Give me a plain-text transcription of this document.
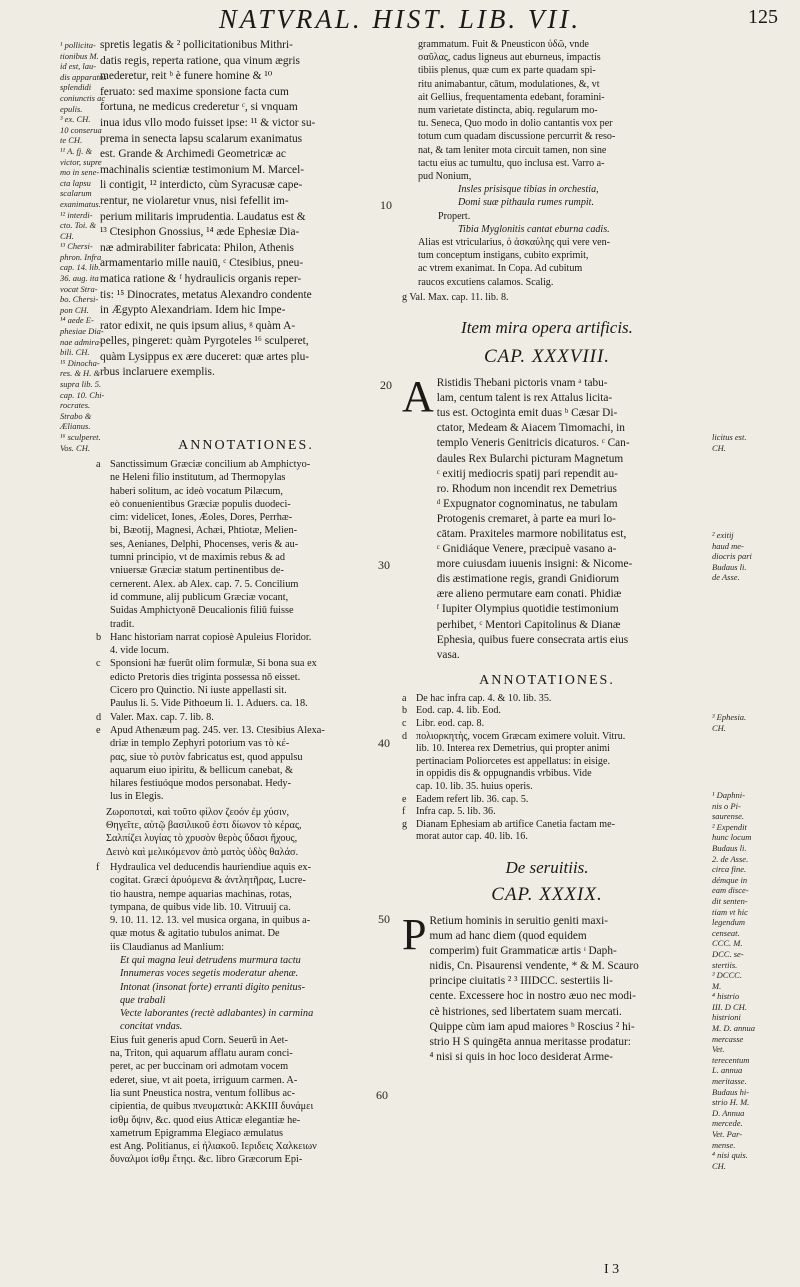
NATVRAL. HIST. LIB. VII.	125
¹ pollicita-
tionibus M.
id est, lau-
dis apparatus
splendidi
coniunctis ac
epulis.
³ ex. CH.
10 conserua
te CH.
¹¹ A. fj. &
victor, supre
mo in sene-
cta lapsu
scalarum
exanimatus.
¹² interdi-
cto. Toi. &
CH.
¹³ Chersi-
phron. Infra
cap. 14. lib.
36. aug. ita
vocat Stra-
bo. Chersi-
pon CH.
¹⁴ aede E-
phesiae Dia-
nae admira-
bili. CH.
¹⁵ Dinocha-
res. & H. &
supra lib. 5.
cap. 10. Chi-
rocrates.
Strabo &
Ælianus.
¹⁶ sculperet.
Vos. CH.
spretis legatis & ² pollicitationibus Mithri-
datis regis, reperta ratione, qua vinum ægris
mederetur, reit ᵇ è funere homine & ¹⁰
feruato: sed maxime sponsione facta cum
fortuna, ne medicus crederetur ᶜ, si vnquam
inua idus vllo modo fuisset ipse: ¹¹ & victor su-
prema in senecta lapsu scalarum exanimatus
est. Grande & Archimedi Geometricæ ac
machinalis scientiæ testimonium M. Marcel-
li contigit, ¹² interdicto, cùm Syracusæ cape-
rentur, ne violaretur vnus, nisi fefellit im-
perium militaris imprudentia. Laudatus est &
¹³ Ctesiphon Gnossius, ¹⁴ æde Ephesiæ Dia-
næ admirabiliter fabricata: Philon, Athenis
armamentario mille nauiū, ᶜ Ctesibius, pneu-
matica ratione & ᶠ hydraulicis organis reper-
tis: ¹⁵ Dinocrates, metatus Alexandro condente
in Ægypto Alexandriam. Idem hic Impe-
rator edixit, ne quis ipsum alius, ᵍ quàm A-
pelles, pingeret: quàm Pyrgoteles ¹⁶ sculperet,
quàm Lysippus ex ære duceret: quæ artes plu-
rbus inclaruere exemplis.
ANNOTATIONES.
a Sanctissimum Græciæ concilium ab Amphictyo-
ne Heleni filio institutum, ad Thermopylas
haberi solitum, ac ideò vocatum Pilæcum,
eò conuenientibus Græciæ populis duodeci-
cim: videlicet, Iones, Æoles, Dores, Perrhæ-
bi, Bæotij, Magnesi, Achæi, Phtiotæ, Melien-
ses, Aenianes, Delphi, Phocenses, veris & au-
tumni principio, vt de maximis rebus & ad
vniuersæ Græciæ statum pertinentibus de-
cernerent. Alex. ab Alex. cap. 7. 5. Concilium
id commune, alij publicum Græciæ vocant,
Suidas Amphictyonē Deucalionis filiū fuisse
tradit.
b Hanc historiam narrat copiosè Apuleius Floridor.
4. vide locum.
c Sponsioni hæ fuerūt olim formulæ, Si bona sua ex
edicto Pretoris dies triginta possessa nō eisset.
Cicero pro Quinctio. Ni iuste appellasti sit.
Paulus li. 5. Vide Pithoeum li. 1. Aduers. ca. 18.
d Valer. Max. cap. 7. lib. 8.
e Apud Athenæum pag. 245. ver. 13. Ctesibius Alexa-
driæ in templo Zephyri potorium vas τὸ κέ-
ρας, siue τὸ ρυτὸν fabricatus est, quod appulsu
aquarum eiuo ipiritu, & bellicum canebat, &
hilares festiuóque modos personabat. Hedy-
lus in Elegis.
Ζωροποταὶ, καὶ τοῦτο φίλον ζεοόν ἐμ χύσιν,
Θηγεῖτε, αὐτῷ βασιλικοῦ ἐστι δίωνον τὸ κέρας,
Σαλπίζει λυγίας τὸ χρυσὸν θερὸς ὕδασι ἤχους,
Δεινὸ καὶ μελικόμενον ἀπὸ ματὸς ὑδὸς θαλάσ.
f Hydraulica vel deducendis hauriendiue aquis ex-
cogitat. Græci ἀρυόμενα & ἀντλητῆρας, Lucre-
tio haustra, nempe aquarias machinas, rotas,
tympana, de quibus vide lib. 10. Vitruuij ca.
9. 10. 11. 12. 13. vel musica organa, in quibus a-
quæ motus & agitatio tubulos animat. De
iis Claudianus ad Manlium:
Et qui magna leui detrudens murmura tactu
Innumeras voces segetis moderatur ahenæ.
Intonat (insonat forte) erranti digito penitus-
que trabali
Vecte laborantes (rectè adlabantes) in carmina
concitat vndas.
Eius fuit generis apud Corn. Seuerū in Aet-
na, Triton, qui aquarum afflatu auram conci-
peret, ac per buccinam ori admotam vocem
ederet, siue, vt ait poeta, irriguum carmen. A-
lia sunt Pneustica nostra, ventum follibus ac-
cipientia, de quibus πνευματικὰ: ΑΚΚΙΙΙ δυνάμει
ἰσθμ ὄψιν, &c. quod eius Atticæ elegantiæ he-
xametrum Epigramma Elegiaco æmulatus
est Ang. Politianus, εἰ ἠλιακοῦ. Ιεριδεις Χαλκειων
δυναλμοι ἰσθμ ἔτηςι. &c. libro Græcorum Epi-
grammatum. Fuit & Pneusticon ὑδῶ, vnde
σαῦλας, cadus ligneus aut eburneus, impactis
tibiis plenus, quæ cum ex parte quadam spi-
ritu animabantur, cātum, modulationes, &, vt
ait Gellius, frequentamenta edebant, foramini-
num varietate distincta, abiq. regularum mo-
tu. Seneca, Quo modo in dolio cantantis vox per
totum cum quadam discussione percurrit & reso-
nat, & tam leniter mota circuit tamen, non sine
tactu eius ac tumultu, quo inclusa est. Varro a-
pud Nonium,
Insles prisisque tibias in orchestia,
Domi suæ pithaula rumes rumpit.
Propert.
Tibia Myglonitis cantat eburna cadis.
Alias est vtricularius, ὁ ἀσκαύλης qui vere ven-
tum conceptum instigans, cubito exprimit,
ac vtrem exanimat. In Copa. Ad cubitum
raucos excutiens calamos. Scalig.
g Val. Max. cap. 11. lib. 8.
Item mira opera artificis.
CAP. XXXVIII.
A Ristidis Thebani pictoris vnam ᵃ tabu-
lam, centum talent is rex Attalus licita-
tus est. Octoginta emit duas ᵇ Cæsar Di-
ctator, Medeam & Aiacem Timomachi, in
templo Veneris Genitricis dicaturos. ᶜ Can-
daules Rex Bularchi picturam Magnetum
ᶜ exitij mediocris spatij pari rependit au-
ro. Rhodum non incendit rex Demetrius
ᵈ Expugnator cognominatus, ne tabulam
Protogenis cremaret, à parte ea muri lo-
cātam. Praxiteles marmore nobilitatus est,
ᶜ Gnidiáque Venere, præcipuè vasano a-
more cuiusdam iuuenis insigni: & Nicome-
dis æstimatione regis, grandi Gnidiorum
ære alieno permutare eam conati. Phidiæ
ᶠ Iupiter Olympius quotidie testimonium
perhibet, ᶜ Mentori Capitolinus & Dianæ
Ephesia, quibus fuere consecrata artis eius
vasa.
ANNOTATIONES.
a De hac infra cap. 4. & 10. lib. 35.
b Eod. cap. 4. lib. Eod.
c Libr. eod. cap. 8.
d πολιορκητὴς, vocem Græcam eximere voluit. Vitru.
lib. 10. Interea rex Demetrius, qui propter animi
pertinaciam Poliorcetes est appellatus: in eisige.
in oppidis dis & oppugnandis vrbibus. Vide
cap. 10. lib. 35. huius operis.
e Eadem refert lib. 36. cap. 5.
f Infra cap. 5. lib. 36.
g Dianam Ephesiam ab artifice Canetia factam me-
morat autor cap. 40. lib. 16.
De seruitiis.
CAP. XXXIX.
P Retium hominis in seruitio geniti maxi-
mum ad hanc diem (quod equidem
comperim) fuit Grammaticæ artis ᶦ Daph-
nidis, Cn. Pisaurensi vendente, * & M. Scauro
principe ciuitatis ² ³ IIIDCC. sestertiis li-
cente. Excessere hoc in nostro æuo nec modi-
cè histriones, sed libertatem suam mercati.
Quippe cùm iam apud maiores ᵇ Roscius ² hi-
strio H S quingēta annua meritasse prodatur:
⁴ nisi si quis in hoc loco desiderat Arme-
licitus est.
CH.
² exitij
haud me-
diocris pari
Budaus li.
de Asse.
³ Ephesia.
CH.
¹ Daphni-
nis o Pi-
saurense.
² Expendit
hunc locum
Budaus li.
2. de Asse.
circa fine.
démque in
eam disce-
dit senten-
tiam vt hic
legendum
censeat.
CCC. M.
DCC. se-
stertiis.
³ DCCC.
M.
⁴ histrio
III. D CH.
histrioni
M. D. annua
mercasse
Vet.
terecentum
L. annua
meritasse.
Budaus hi-
strio H. M.
D. Annua
mercede.
Vet. Par-
mense.
⁴ nisi quis.
CH.
10
20
30
40
50
60
I 3
